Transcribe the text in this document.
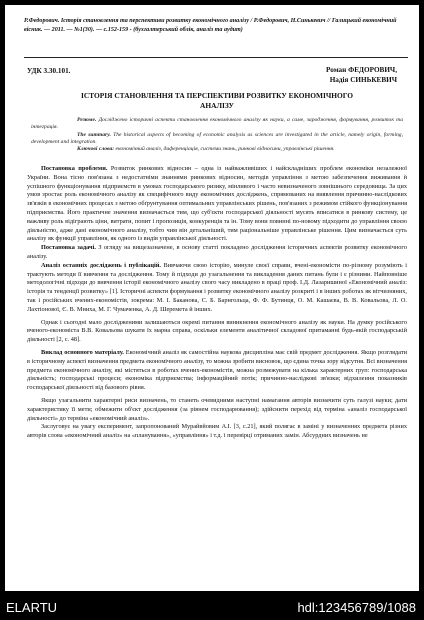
Р.Федорович. Історія становлення та перспективи розвитку економічного аналізу / Р.Федорович, Н.Синькевич // Галицький економічний вісник. — 2011. — №1(30). — с.152-159 - (бухгалтерський облік, аналіз та аудит)
УДК 3.30.101.	Роман ФЕДОРОВИЧ,
Надія СИНЬКЕВИЧ
ІСТОРІЯ СТАНОВЛЕННЯ ТА ПЕРСПЕКТИВИ РОЗВИТКУ ЕКОНОМІЧНОГО АНАЛІЗУ

Резюме. Досліджено історичні аспекти становлення економічного аналізу як науки, а саме, зародження, формування, розвиток та інтеграція.

The summary. The historical aspects of becoming of economic analysis as sciences are investigated in the article, namely origin, forming, development and integration.

Ключові слова: економічний аналіз, диференціація, системи знань, ринкові відносини, управлінські рішення.

Постановка проблеми. Розвиток ринкових відносин – одна із найважливіших і найскладніших проблем економіки незалежної України. Вона тісно пов'язана з недостатніми знаннями ринкових відносин, методів управління з метою забезпечення виживання й успішного функціонування підприємств в умовах господарського ризику, мінливого і часто невизначеного зовнішнього середовища. За цих умов зростає роль економічного аналізу як специфічного виду економічних досліджень, спрямованих на виявлення причинно-наслідкових зв'язків в економічних процесах з метою обґрунтування оптимальних управлінських рішень, пов'язаних з режимом стійкого функціонування підприємства. Його практичне значення визначається тим, що суб'єкти господарської діяльності мусять вписатися в ринкову систему, це важливу роль відіграють ціни, витрати, попит і пропозиція, конкуренція та ін. Тому вони повинні по-новому підходити до управління своєю діяльністю, адже дані економічного аналізу, тобто чим він детальніший, тим раціональніше управлінське рішення. Цим визначається суть аналізу як функції управління, як одного із видів управлінської діяльності.

Постановка задачі. З огляду на вищезазначене, в основу статті покладено дослідження історичних аспектів розвитку економічного аналізу.

Аналіз останніх досліджень і публікацій. Вивчаючи свою історію, минуле своєї справи, вчені-економісти по-різному розуміють і трактують методи її вивчення та дослідження. Тому й підходи до узагальнення та викладення даних питань були і є різними. Найповніше методологічні підходи до вивчення історії економічного аналізу свого часу викладено в праці проф. І.Д. Лазаришиної «Економічний аналіз: історія та тенденції розвитку» [1]. Історичні аспекти формування і розвитку економічного аналізу розкриті і в інших роботах як вітчизняних, так і російських вчених-економістів, зокрема: М. І. Баканова, С. Б. Барнгольца, Ф. Ф. Бутинця, О. М. Кашаєва, В. В. Ковальова, Л. О. Лахтіонової, Є. В. Мнихa, М. Г. Чумаченка, А. Д. Шеремета й інших.

Однак і сьогодні мало дослідженими залишаються окремі питання виникнення економічного аналізу як науки. На думку російського вченого-економіста В.В. Ковальова шукати їх марна справа, оскільки елементи аналітичної складової притаманні будь-якій господарській діяльності [2, с. 48].

Виклад основного матеріалу. Економічний аналіз як самостійна наукова дисципліна має свій предмет дослідження. Якщо розглядати в історичному аспекті визначення предмета економічного аналізу, то можна зробити висновок, що єдина точка зору відсутня. Всі визначення предмета економічного аналізу, які містяться в роботах вчених-економістів, можна розмежувати на кілька характерних груп: господарська діяльність; господарські процеси; економіка підприємства; інформаційний потік; причинно-наслідкові зв'язки; відхилення показників господарської діяльності від базового рівня.

Якщо узагальнити характерні риси визначень, то станеть очевидними наступні намагання авторів визначити суть галузі науки; дати характеристику її мети; обмежити об'єкт дослідження (за рівнем господарювання); здійснити перехід від терміна «аналіз господарської діяльності» до терміна «економічний аналіз».

Заслуговує на увагу експеримент, запропонований Мурайвйовим А.І. [3, с.21], який полягає в заміні у визначеннях предмета різних авторів слова «економічний аналіз» на «планування», «управління» і т.д. і перевірці отриманих замін. Абсурдних визначень не

ELARTU	hdl:123456789/1088
